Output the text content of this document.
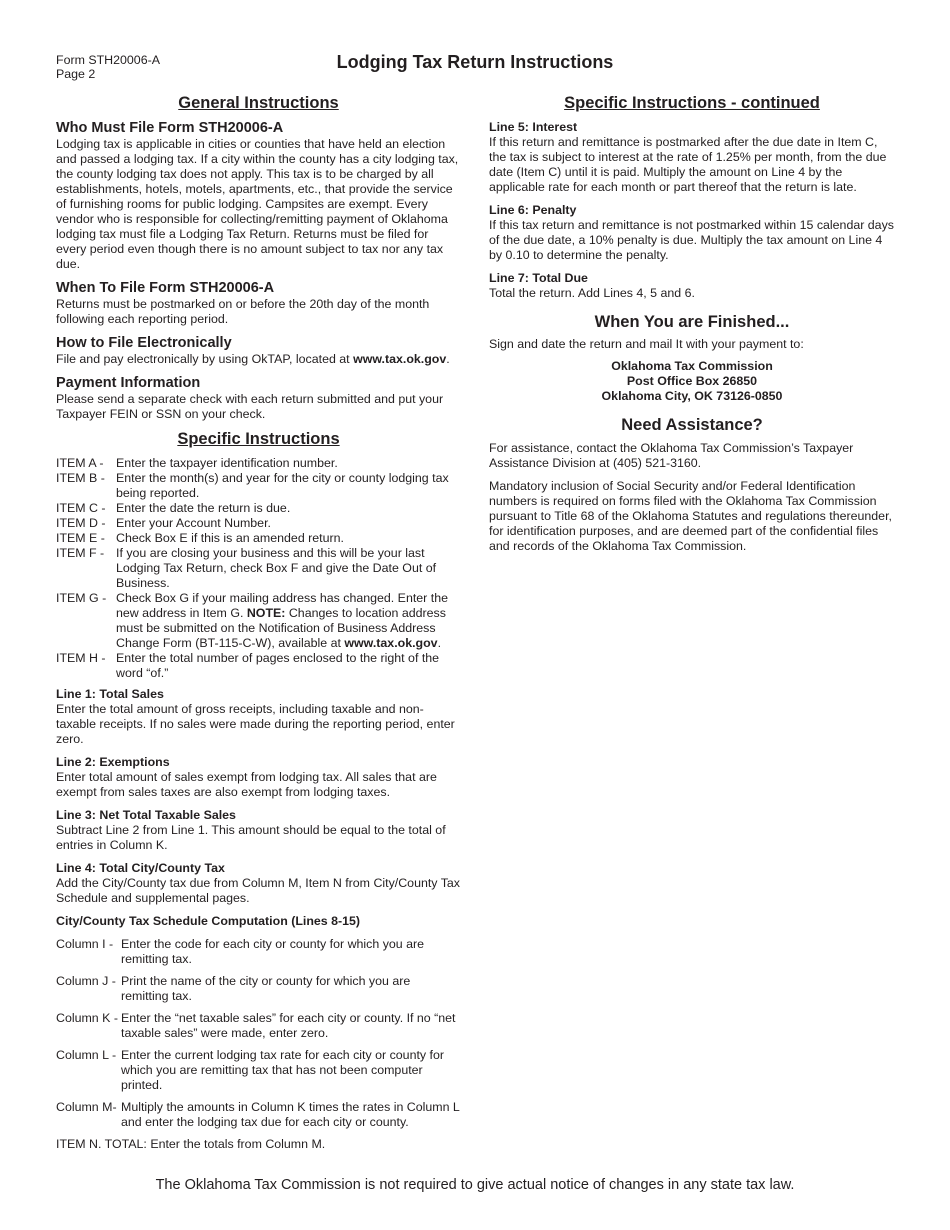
Form STH20006-A
Page 2
Lodging Tax Return Instructions
General Instructions
Who Must File Form STH20006-A

Lodging tax is applicable in cities or counties that have held an election and passed a lodging tax. If a city within the county has a city lodging tax, the county lodging tax does not apply. This tax is to be charged by all establishments, hotels, motels, apartments, etc., that provide the service of furnishing rooms for public lodging. Campsites are exempt. Every vendor who is responsible for collecting/remitting payment of Oklahoma lodging tax must file a Lodging Tax Return. Returns must be filed for every period even though there is no amount subject to tax nor any tax due.

When To File Form STH20006-A

Returns must be postmarked on or before the 20th day of the month following each reporting period.

How to File Electronically

File and pay electronically by using OkTAP, located at www.tax.ok.gov.

Payment Information

Please send a separate check with each return submitted and put your Taxpayer FEIN or SSN on your check.

Specific Instructions
ITEM A -	Enter the taxpayer identification number.
ITEM B - Enter the month(s) and year for the city or county lodging tax being reported.
ITEM C - Enter the date the return is due.
ITEM D - Enter your Account Number.
ITEM E - Check Box E if this is an amended return.
ITEM F - If you are closing your business and this will be your last Lodging Tax Return, check Box F and give the Date Out of Business.
ITEM G - Check Box G if your mailing address has changed. Enter the new address in Item G. NOTE: Changes to location address must be submitted on the Notification of Business Address Change Form (BT-115-C-W), available at www.tax.ok.gov.
ITEM H - Enter the total number of pages enclosed to the right of the word “of.”
Line 1: Total Sales

Enter the total amount of gross receipts, including taxable and non-taxable receipts. If no sales were made during the reporting period, enter zero.

Line 2: Exemptions

Enter total amount of sales exempt from lodging tax. All sales that are exempt from sales taxes are also exempt from lodging taxes.

Line 3: Net Total Taxable Sales

Subtract Line 2 from Line 1. This amount should be equal to the total of entries in Column K.

Line 4: Total City/County Tax

Add the City/County tax due from Column M, Item N from City/County Tax Schedule and supplemental pages.

City/County Tax Schedule Computation (Lines 8-15)
Column I - Enter the code for each city or county for which you are remitting tax.
Column J - Print the name of the city or county for which you are remitting tax.
Column K - Enter the “net taxable sales” for each city or county. If no “net taxable sales” were made, enter zero.
Column L - Enter the current lodging tax rate for each city or county for which you are remitting tax that has not been computer printed.
Column M- Multiply the amounts in Column K times the rates in Column L and enter the lodging tax due for each city or county.

ITEM N. TOTAL: Enter the totals from Column M.

Specific Instructions - continued
Line 5: Interest

If this return and remittance is postmarked after the due date in Item C, the tax is subject to interest at the rate of 1.25% per month, from the due date (Item C) until it is paid. Multiply the amount on Line 4 by the applicable rate for each month or part thereof that the return is late.

Line 6: Penalty

If this tax return and remittance is not postmarked within 15 calendar days of the due date, a 10% penalty is due. Multiply the tax amount on Line 4 by 0.10 to determine the penalty.

Line 7: Total Due

Total the return. Add Lines 4, 5 and 6.

When You are Finished...

Sign and date the return and mail It with your payment to:

Oklahoma Tax Commission
Post Office Box 26850
Oklahoma City, OK 73126-0850
Need Assistance?

For assistance, contact the Oklahoma Tax Commission’s Taxpayer Assistance Division at (405) 521-3160.

Mandatory inclusion of Social Security and/or Federal Identification numbers is required on forms filed with the Oklahoma Tax Commission pursuant to Title 68 of the Oklahoma Statutes and regulations thereunder, for identification purposes, and are deemed part of the confidential files and records of the Oklahoma Tax Commission.

The Oklahoma Tax Commission is not required to give actual notice of changes in any state tax law.
